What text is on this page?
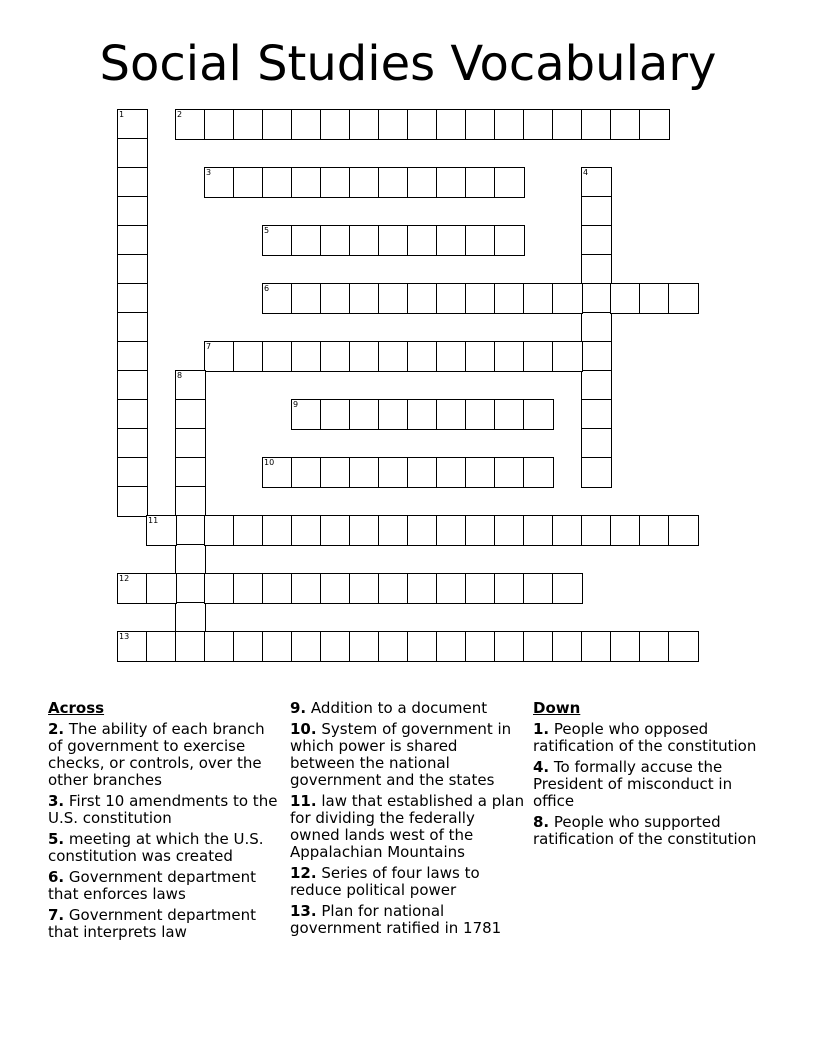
Social Studies Vocabulary
1	2
3	4
5
6
7
8
9
10
11
12
13
Across
2. The ability of each branch of government to exercise checks, or controls, over the other branches
3. First 10 amendments to the U.S. constitution
5. meeting at which the U.S. constitution was created
6. Government department that enforces laws
7. Government department that interprets law
9. Addition to a document
10. System of government in which power is shared between the national government and the states
11. law that established a plan for dividing the federally owned lands west of the Appalachian Mountains
12. Series of four laws to reduce political power
13. Plan for national government ratified in 1781
Down
1. People who opposed ratification of the constitution
4. To formally accuse the President of misconduct in office
8. People who supported ratification of the constitution
